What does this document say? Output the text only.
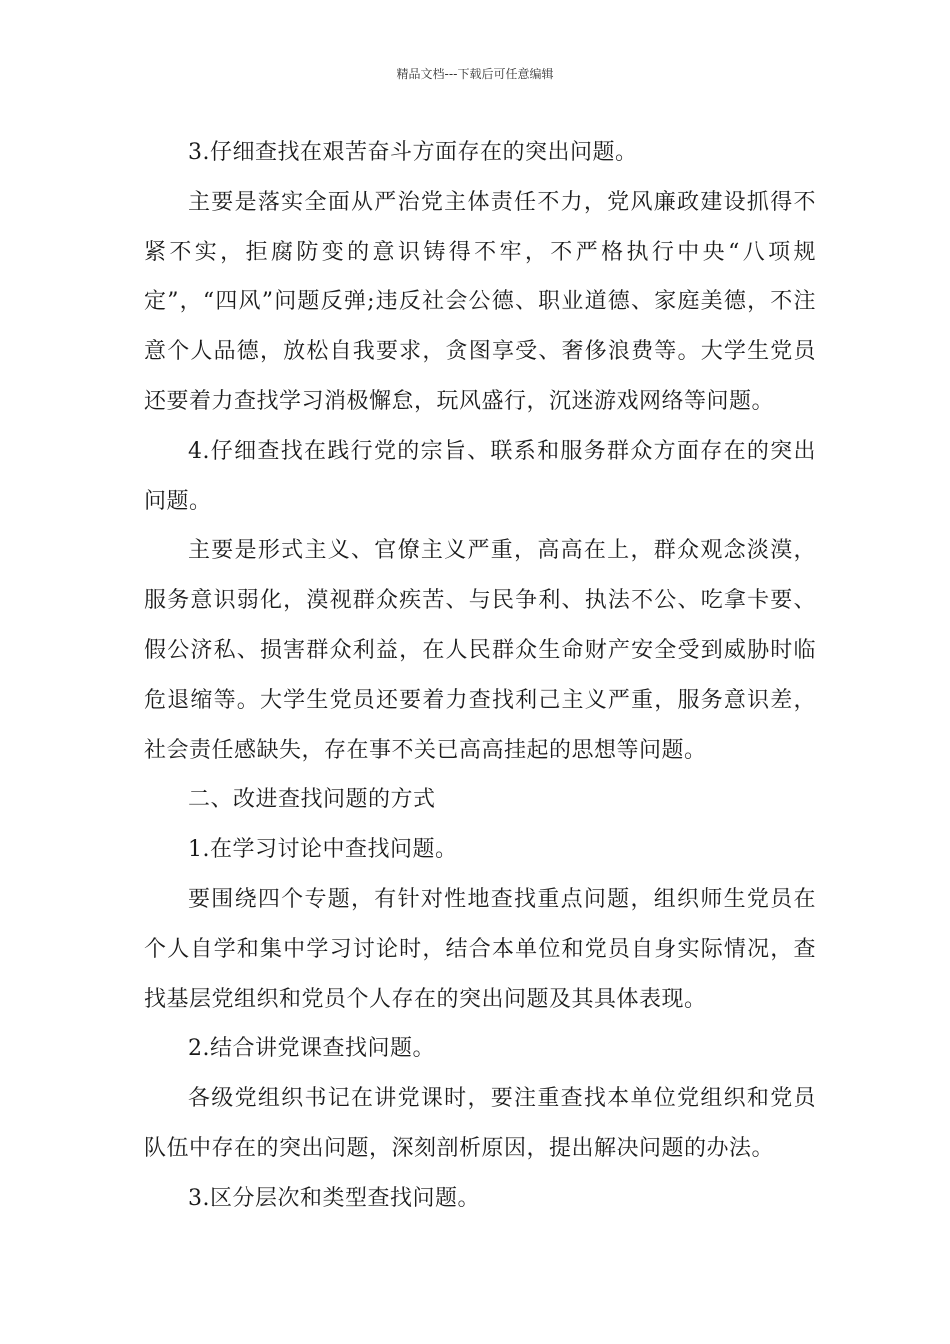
精品文档---下载后可任意编辑

3.仔细查找在艰苦奋斗方面存在的突出问题。

主要是落实全面从严治党主体责任不力，党风廉政建设抓得不紧不实，拒腐防变的意识铸得不牢，不严格执行中央“八项规定”，“四风”问题反弹;违反社会公德、职业道德、家庭美德，不注意个人品德，放松自我要求，贪图享受、奢侈浪费等。大学生党员还要着力查找学习消极懈怠，玩风盛行，沉迷游戏网络等问题。

4.仔细查找在践行党的宗旨、联系和服务群众方面存在的突出问题。

主要是形式主义、官僚主义严重，高高在上，群众观念淡漠，服务意识弱化，漠视群众疾苦、与民争利、执法不公、吃拿卡要、假公济私、损害群众利益，在人民群众生命财产安全受到威胁时临危退缩等。大学生党员还要着力查找利己主义严重，服务意识差，社会责任感缺失，存在事不关已高高挂起的思想等问题。

二、改进查找问题的方式

1.在学习讨论中查找问题。

要围绕四个专题，有针对性地查找重点问题，组织师生党员在个人自学和集中学习讨论时，结合本单位和党员自身实际情况，查找基层党组织和党员个人存在的突出问题及其具体表现。

2.结合讲党课查找问题。

各级党组织书记在讲党课时，要注重查找本单位党组织和党员队伍中存在的突出问题，深刻剖析原因，提出解决问题的办法。

3.区分层次和类型查找问题。
